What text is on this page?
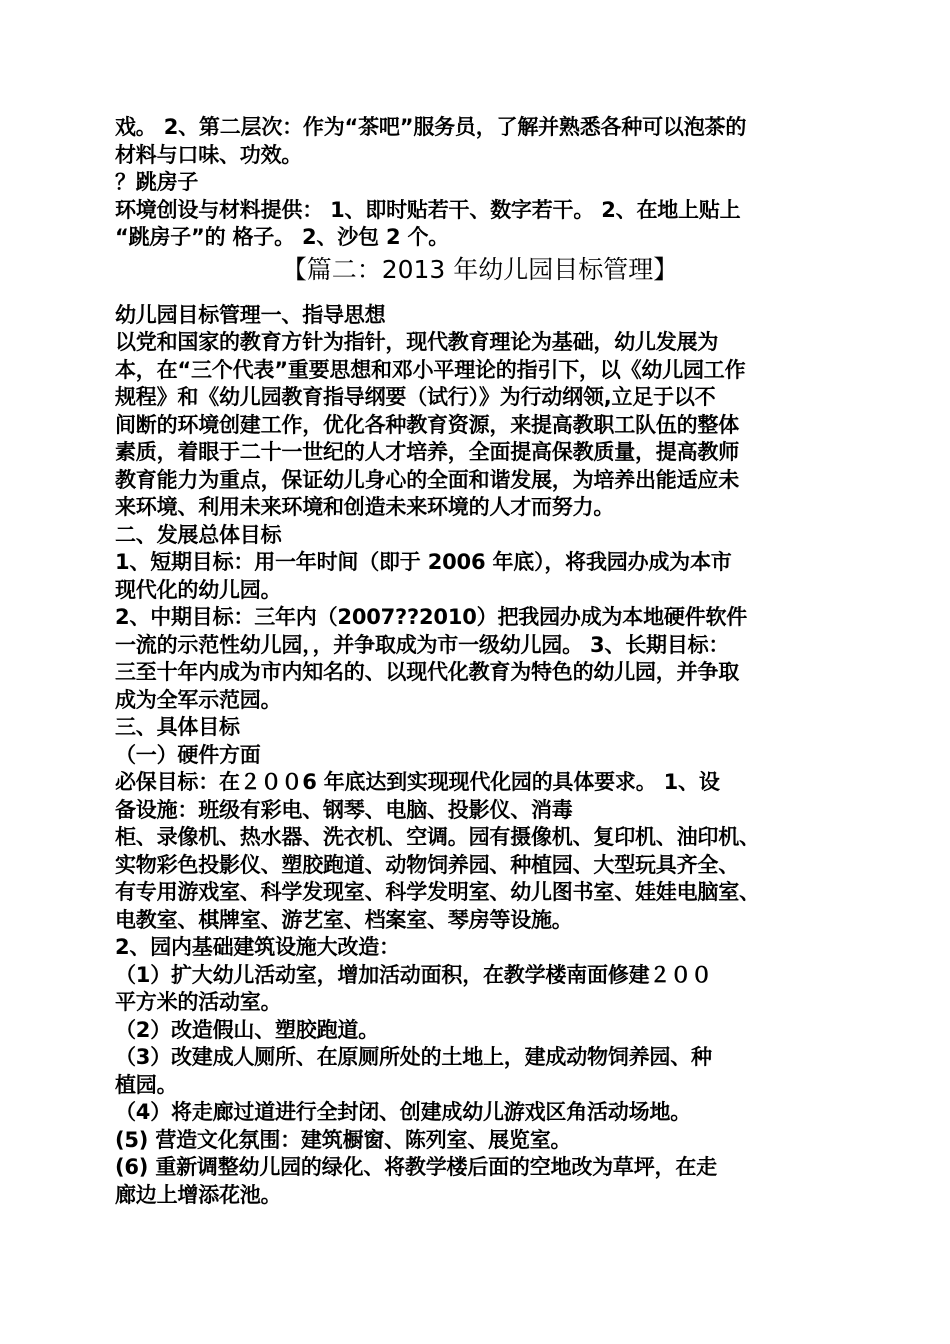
戏。 2、第二层次：作为“茶吧”服务员，了解并熟悉各种可以泡茶的
材料与口味、功效。
？跳房子
环境创设与材料提供： 1、即时贴若干、数字若干。 2、在地上贴上
“跳房子”的 格子。 2、沙包 2 个。
【篇二：2013 年幼儿园目标管理】
幼儿园目标管理一、指导思想
以党和国家的教育方针为指针，现代教育理论为基础，幼儿发展为
本，在“三个代表”重要思想和邓小平理论的指引下，以《幼儿园工作
规程》和《幼儿园教育指导纲要（试行）》为行动纲领,立足于以不
间断的环境创建工作，优化各种教育资源，来提高教职工队伍的整体
素质，着眼于二十一世纪的人才培养，全面提高保教质量，提高教师
教育能力为重点，保证幼儿身心的全面和谐发展，为培养出能适应未
来环境、利用未来环境和创造未来环境的人才而努力。
二、发展总体目标
1、短期目标：用一年时间（即于 2006 年底），将我园办成为本市
现代化的幼儿园。
2、中期目标：三年内（2007??2010）把我园办成为本地硬件软件
一流的示范性幼儿园，，并争取成为市一级幼儿园。 3、长期目标：
三至十年内成为市内知名的、以现代化教育为特色的幼儿园，并争取
成为全军示范园。
三、具体目标
（一）硬件方面
必保目标：在２００6 年底达到实现现代化园的具体要求。 1、设
备设施：班级有彩电、钢琴、电脑、投影仪、消毒
柜、录像机、热水器、洗衣机、空调。园有摄像机、复印机、油印机、
实物彩色投影仪、塑胶跑道、动物饲养园、种植园、大型玩具齐全、
有专用游戏室、科学发现室、科学发明室、幼儿图书室、娃娃电脑室、
电教室、棋牌室、游艺室、档案室、琴房等设施。
2、园内基础建筑设施大改造：
（1）扩大幼儿活动室，增加活动面积，在教学楼南面修建２００
平方米的活动室。
（2）改造假山、塑胶跑道。
（3）改建成人厕所、在原厕所处的土地上，建成动物饲养园、种
植园。
（4）将走廊过道进行全封闭、创建成幼儿游戏区角活动场地。
(5) 营造文化氛围：建筑橱窗、陈列室、展览室。
(6) 重新调整幼儿园的绿化、将教学楼后面的空地改为草坪，在走
廊边上增添花池。
